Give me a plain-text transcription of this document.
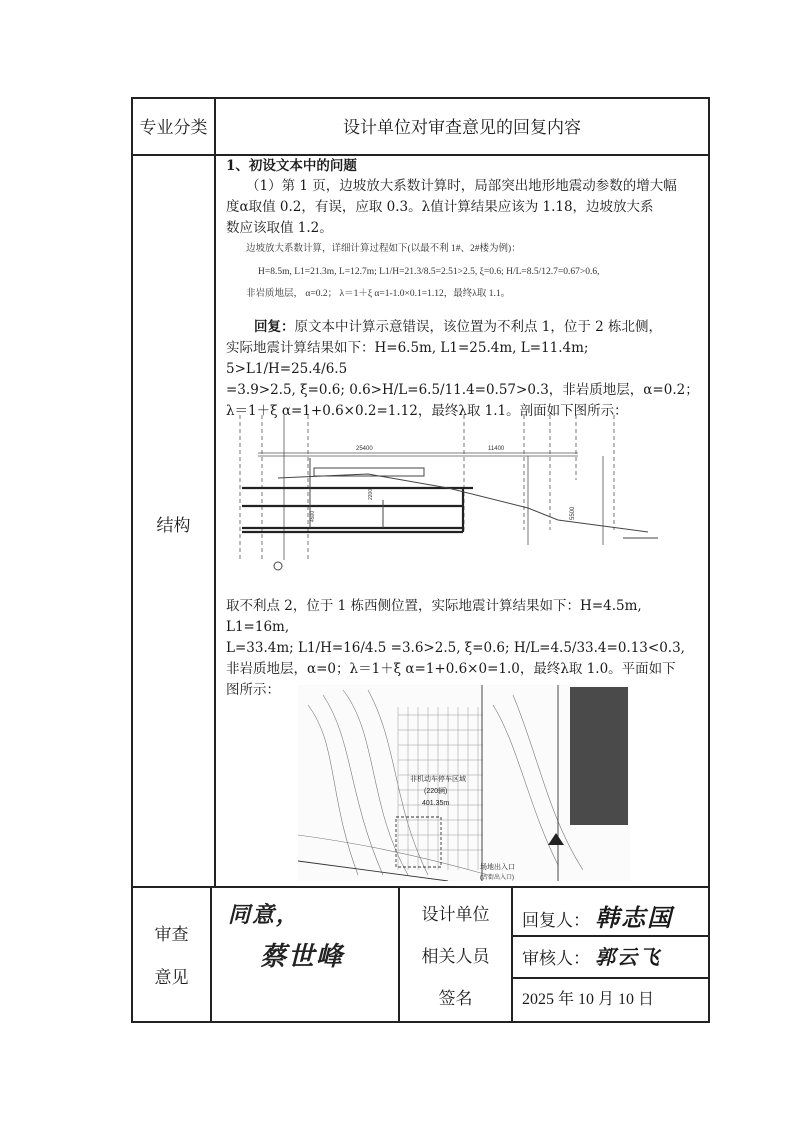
专业分类	设计单位对审查意见的回复内容
结构
1、初设文本中的问题
（1）第 1 页，边坡放大系数计算时，局部突出地形地震动参数的增大幅
度α取值 0.2，有误，应取 0.3。λ值计算结果应该为 1.18，边坡放大系
数应该取值 1.2。
边坡放大系数计算，详细计算过程如下(以最不利 1#、2#楼为例)：
H=8.5m, L1=21.3m, L=12.7m; L1/H=21.3/8.5=2.51>2.5, ξ=0.6; H/L=8.5/12.7=0.67>0.6,
非岩质地层， α=0.2； λ＝1＋ξ α=1-1.0×0.1=1.12，最终λ取 1.1。
回复：原文本中计算示意错误，该位置为不利点 1，位于 2 栋北侧，
实际地震计算结果如下：H=6.5m, L1=25.4m, L=11.4m; 5>L1/H=25.4/6.5
=3.9>2.5, ξ=0.6; 0.6>H/L=6.5/11.4=0.57>0.3，非岩质地层，α=0.2；
λ＝1＋ξ α=1+0.6×0.2=1.12，最终λ取 1.1。剖面如下图所示：
25400	11400
5500
2200
4500
取不利点 2，位于 1 栋西侧位置，实际地震计算结果如下：H=4.5m, L1=16m,
L=33.4m; L1/H=16/4.5 =3.6>2.5, ξ=0.6; H/L=4.5/33.4=0.13<0.3,
非岩质地层，α=0；λ＝1＋ξ α=1+0.6×0=1.0，最终λ取 1.0。平面如下
图所示：
非机动车停车区域
(220辆)
401.35m
场地出入口
(古街出入口)
审查
意见
同意，
蔡世峰
设计单位
相关人员
签名
回复人： 韩志国
审核人： 郭云飞
2025 年 10 月 10 日
